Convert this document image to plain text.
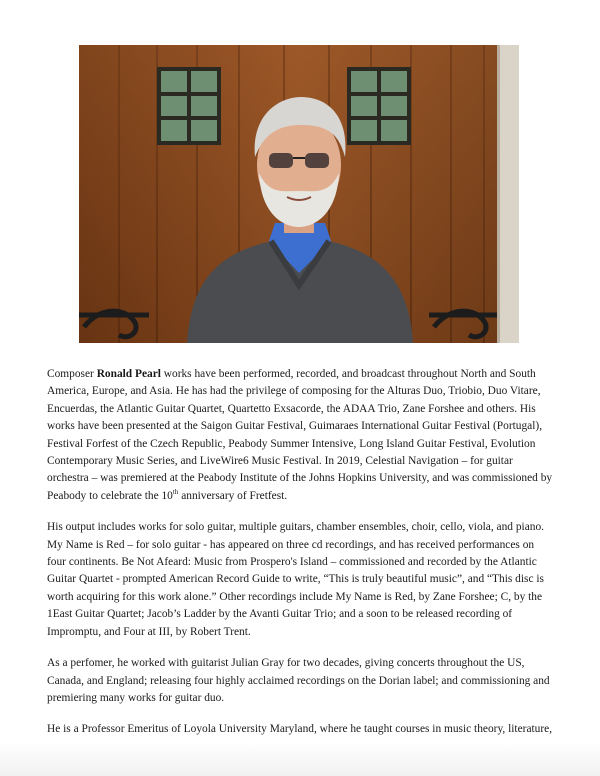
Composer Ronald Pearl works have been performed, recorded, and broadcast throughout North and South America, Europe, and Asia. He has had the privilege of composing for the Alturas Duo, Triobio, Duo Vitare, Encuerdas, the Atlantic Guitar Quartet, Quartetto Exsacorde, the ADAA Trio, Zane Forshee and others. His works have been presented at the Saigon Guitar Festival, Guimaraes International Guitar Festival (Portugal), Festival Forfest of the Czech Republic, Peabody Summer Intensive, Long Island Guitar Festival, Evolution Contemporary Music Series, and LiveWire6 Music Festival. In 2019, Celestial Navigation – for guitar orchestra – was premiered at the Peabody Institute of the Johns Hopkins University, and was commissioned by Peabody to celebrate the 10th anniversary of Fretfest.

His output includes works for solo guitar, multiple guitars, chamber ensembles, choir, cello, viola, and piano. My Name is Red – for solo guitar - has appeared on three cd recordings, and has received performances on four continents. Be Not Afeard: Music from Prospero's Island – commissioned and recorded by the Atlantic Guitar Quartet - prompted American Record Guide to write, “This is truly beautiful music”, and “This disc is worth acquiring for this work alone.” Other recordings include My Name is Red, by Zane Forshee; C, by the 1East Guitar Quartet; Jacob’s Ladder by the Avanti Guitar Trio; and a soon to be released recording of Impromptu, and Four at III, by Robert Trent.

As a perfomer, he worked with guitarist Julian Gray for two decades, giving concerts throughout the US, Canada, and England; releasing four highly acclaimed recordings on the Dorian label; and commissioning and premiering many works for guitar duo.

He is a Professor Emeritus of Loyola University Maryland, where he taught courses in music theory, literature,
